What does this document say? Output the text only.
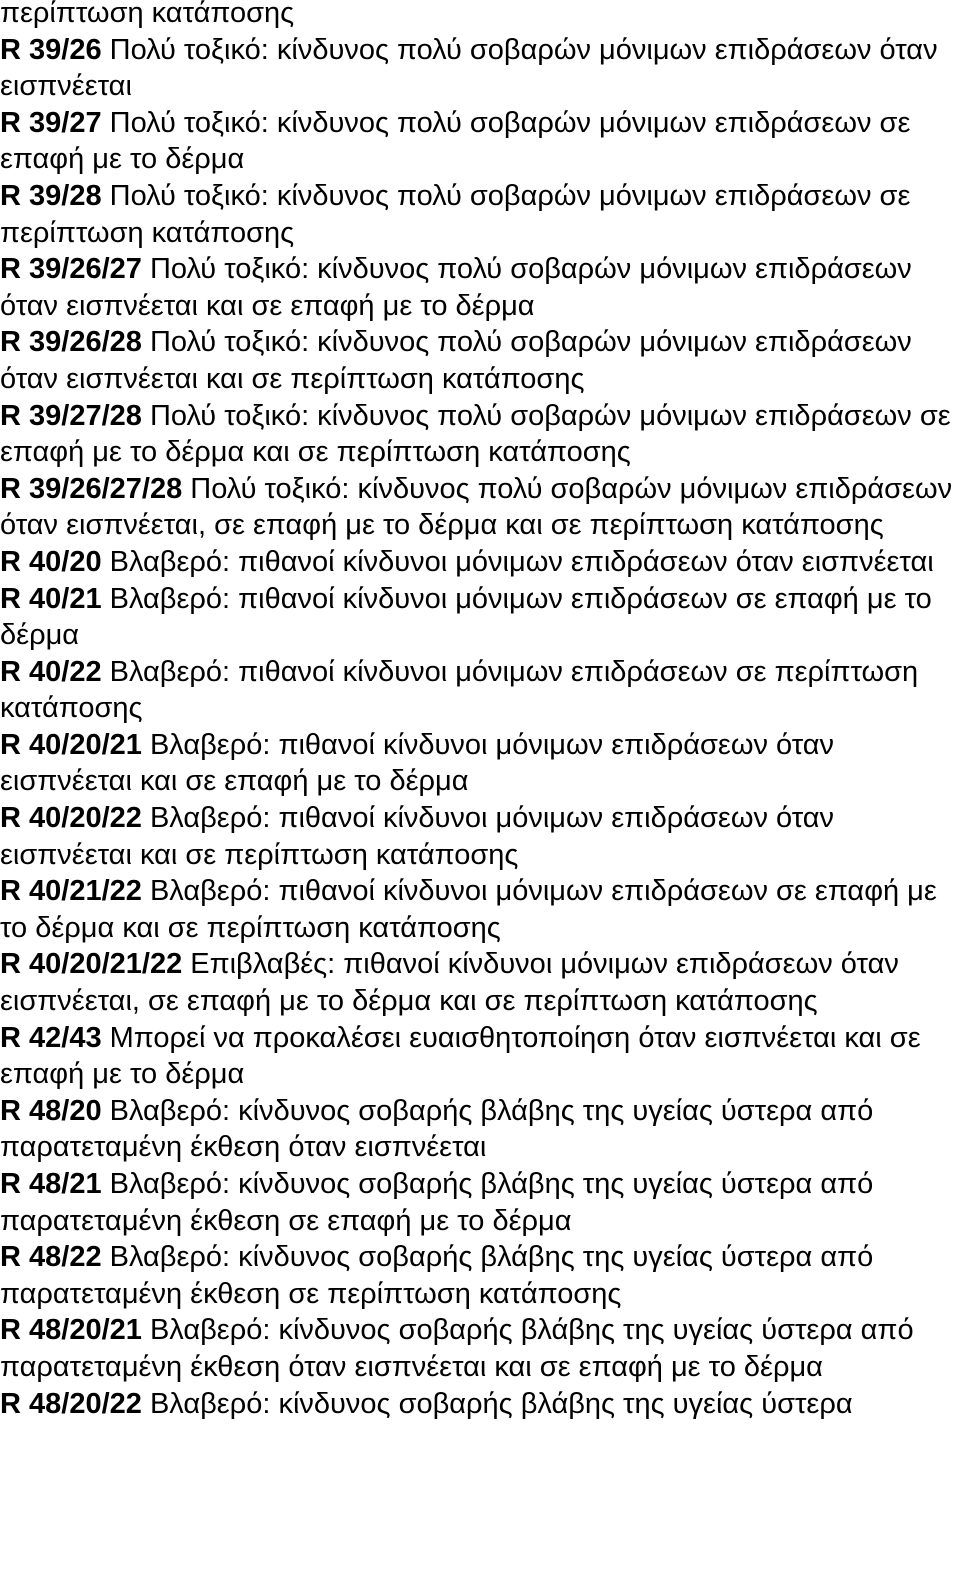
περίπτωση κατάποσης

R 39/26 Πολύ τοξικό: κίνδυνος πολύ σοβαρών μόνιμων επιδράσεων όταν εισπνέεται

R 39/27 Πολύ τοξικό: κίνδυνος πολύ σοβαρών μόνιμων επιδράσεων σε επαφή με το δέρμα

R 39/28 Πολύ τοξικό: κίνδυνος πολύ σοβαρών μόνιμων επιδράσεων σε περίπτωση κατάποσης

R 39/26/27 Πολύ τοξικό: κίνδυνος πολύ σοβαρών μόνιμων επιδράσεων όταν εισπνέεται και σε επαφή με το δέρμα

R 39/26/28 Πολύ τοξικό: κίνδυνος πολύ σοβαρών μόνιμων επιδράσεων όταν εισπνέεται και σε περίπτωση κατάποσης

R 39/27/28 Πολύ τοξικό: κίνδυνος πολύ σοβαρών μόνιμων επιδράσεων σε επαφή με το δέρμα και σε περίπτωση κατάποσης

R 39/26/27/28 Πολύ τοξικό: κίνδυνος πολύ σοβαρών μόνιμων επιδράσεων όταν εισπνέεται, σε επαφή με το δέρμα και σε περίπτωση κατάποσης

R 40/20 Βλαβερό: πιθανοί κίνδυνοι μόνιμων επιδράσεων όταν εισπνέεται

R 40/21 Βλαβερό: πιθανοί κίνδυνοι μόνιμων επιδράσεων σε επαφή με το δέρμα

R 40/22 Βλαβερό: πιθανοί κίνδυνοι μόνιμων επιδράσεων σε περίπτωση κατάποσης

R 40/20/21 Βλαβερό: πιθανοί κίνδυνοι μόνιμων επιδράσεων όταν εισπνέεται και σε επαφή με το δέρμα

R 40/20/22 Βλαβερό: πιθανοί κίνδυνοι μόνιμων επιδράσεων όταν εισπνέεται και σε περίπτωση κατάποσης

R 40/21/22 Βλαβερό: πιθανοί κίνδυνοι μόνιμων επιδράσεων σε επαφή με το δέρμα και σε περίπτωση κατάποσης

R 40/20/21/22 Επιβλαβές: πιθανοί κίνδυνοι μόνιμων επιδράσεων όταν εισπνέεται, σε επαφή με το δέρμα και σε περίπτωση κατάποσης

R 42/43 Μπορεί να προκαλέσει ευαισθητοποίηση όταν εισπνέεται και σε επαφή με το δέρμα

R 48/20 Βλαβερό: κίνδυνος σοβαρής βλάβης της υγείας ύστερα από παρατεταμένη έκθεση όταν εισπνέεται

R 48/21 Βλαβερό: κίνδυνος σοβαρής βλάβης της υγείας ύστερα από παρατεταμένη έκθεση σε επαφή με το δέρμα

R 48/22 Βλαβερό: κίνδυνος σοβαρής βλάβης της υγείας ύστερα από παρατεταμένη έκθεση σε περίπτωση κατάποσης

R 48/20/21 Βλαβερό: κίνδυνος σοβαρής βλάβης της υγείας ύστερα από παρατεταμένη έκθεση όταν εισπνέεται και σε επαφή με το δέρμα

R 48/20/22 Βλαβερό: κίνδυνος σοβαρής βλάβης της υγείας ύστερα
